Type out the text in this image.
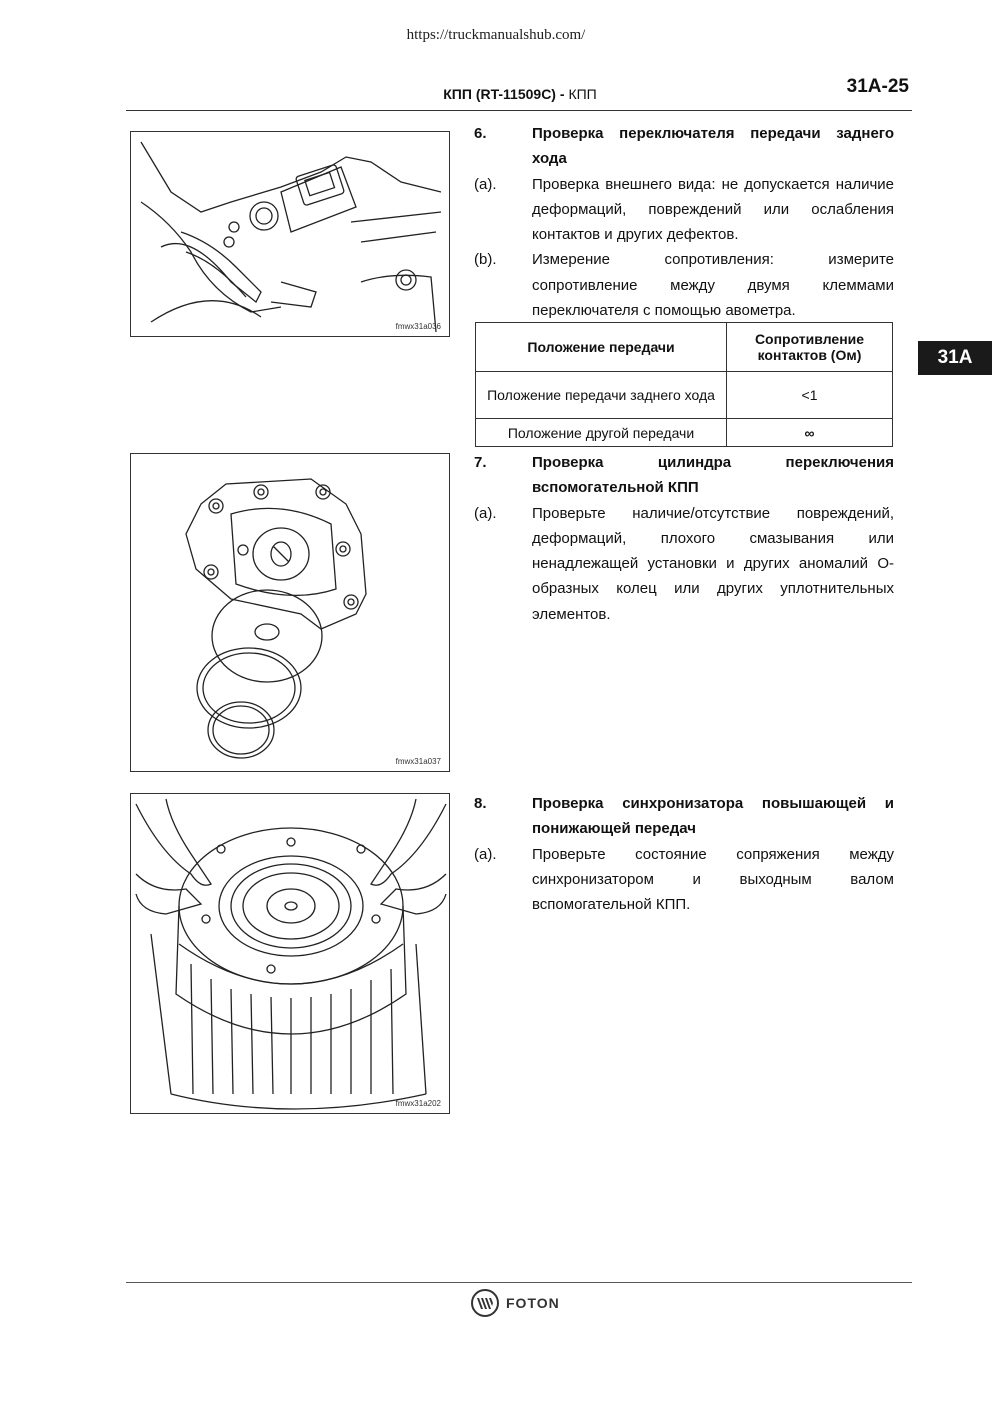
https://truckmanualshub.com/
КПП (RT-11509C) - КПП	31A-25
31A
fmwx31a036
fmwx31a037
fmwx31a202
6.	Проверка переключателя передачи заднего хода
(a).	Проверка внешнего вида: не допускается наличие деформаций, повреждений или ослабления контактов и других дефектов.
(b).	Измерение сопротивления: измерите сопротивление между двумя клеммами переключателя с помощью авометра.
Положение передачи	Сопротивление контактов (Ом)
Положение передачи заднего хода	<1
Положение другой передачи	∞
7.	Проверка цилиндра переключения вспомогательной КПП
(a).	Проверьте наличие/отсутствие повреждений, деформаций, плохого смазывания или ненадлежащей установки и других аномалий О-образных колец или других уплотнительных элементов.
8.	Проверка синхронизатора повышающей и понижающей передач
(a).	Проверьте состояние сопряжения между синхронизатором и выходным валом вспомогательной КПП.
FOTON
